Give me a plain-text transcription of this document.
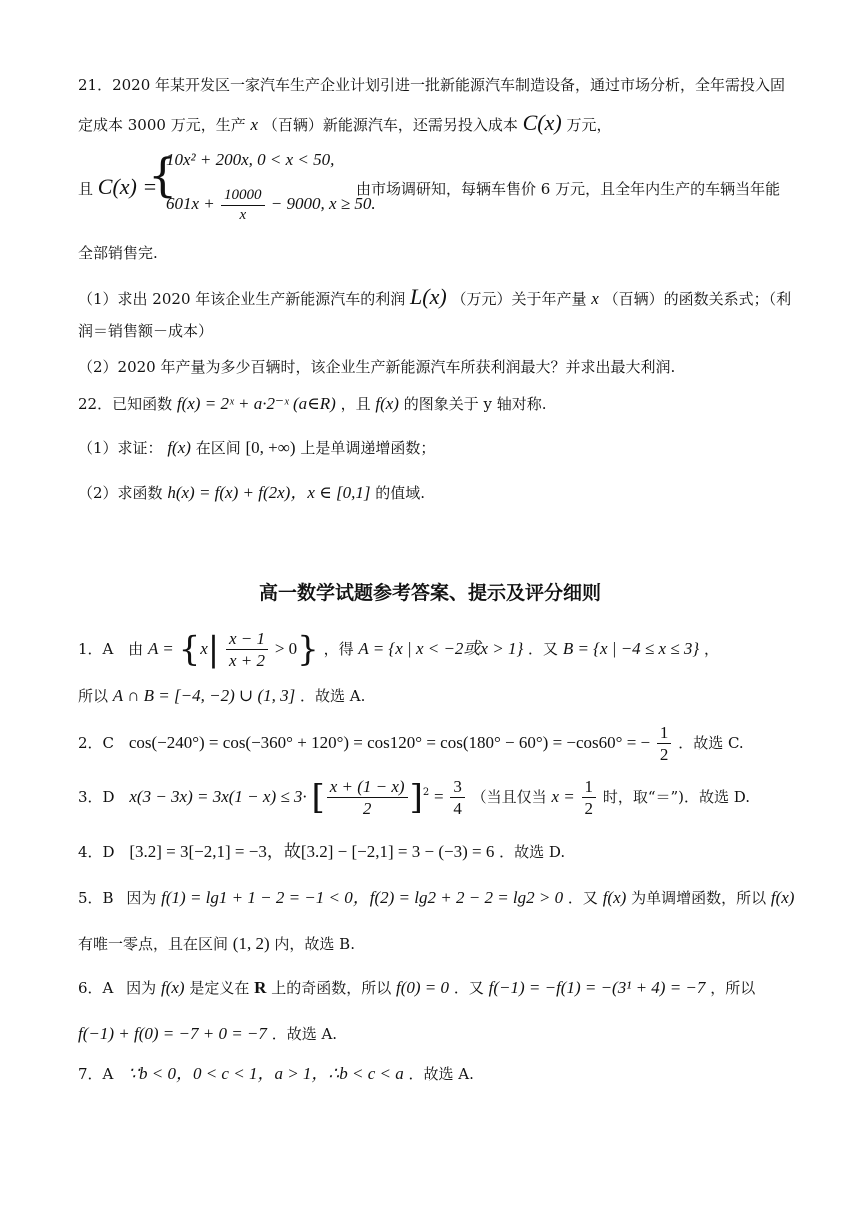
21．2020 年某开发区一家汽车生产企业计划引进一批新能源汽车制造设备，通过市场分析，全年需投入固
定成本 3000 万元，生产 x （百辆）新能源汽车，还需另投入成本 C(x) 万元，
且 C(x) =
{
10x² + 200x, 0 < x < 50,
$601x + \frac{10000}{x} - 9000$, x ≥ 50.
由市场调研知，每辆车售价 6 万元，且全年内生产的车辆当年能
全部销售完.
（1）求出 2020 年该企业生产新能源汽车的利润 L(x) （万元）关于年产量 x （百辆）的函数关系式；（利
润＝销售额－成本）
（2）2020 年产量为多少百辆时，该企业生产新能源汽车所获利润最大？并求出最大利润.
22．已知函数 f(x) = 2ˣ + a·2⁻ˣ (a∈R) ，且 f(x) 的图象关于 y 轴对称.
（1）求证： f(x) 在区间 [0, +∞) 上是单调递增函数；
（2）求函数 h(x) = f(x) + f(2x)，x ∈ [0,1] 的值域.
高一数学试题参考答案、提示及评分细则
1．A 由 $A = \{x| \frac{x - 1}{x + 2} > 0\}$ ，得 A = {x | x < −2或x > 1} ．又 B = {x | −4 ≤ x ≤ 3} ，
所以 A ∩ B = [−4, −2) ∪ (1, 3] ．故选 A.
2．C cos(−240°) = cos(−360° + 120°) = cos120° = cos(180° − 60°) = −cos60° = − $\frac{1}{2}$ ．故选 C.
3．D x(3 − 3x) = 3x(1 − x) ≤ 3· [ $\frac{x + (1 - x)}{2} ]^2 = \frac{3}{4}$ （当且仅当 $x = \frac{1}{2}$ 时，取“＝”)．故选 D.
4．D [3.2] = 3[−2,1] = −3，故[3.2] − [−2,1] = 3 − (−3) = 6 ．故选 D.
5．B 因为 f(1) = lg1 + 1 − 2 = −1 < 0，f(2) = lg2 + 2 − 2 = lg2 > 0 ．又 f(x) 为单调增函数，所以 f(x)
有唯一零点，且在区间 (1, 2) 内，故选 B.
6．A 因为 f(x) 是定义在 R 上的奇函数，所以 f(0) = 0 ．又 f(−1) = −f(1) = −(3¹ + 4) = −7 ，所以
f(−1) + f(0) = −7 + 0 = −7 ．故选 A.
7．A ∵b < 0，0 < c < 1，a > 1，∴b < c < a ．故选 A.
